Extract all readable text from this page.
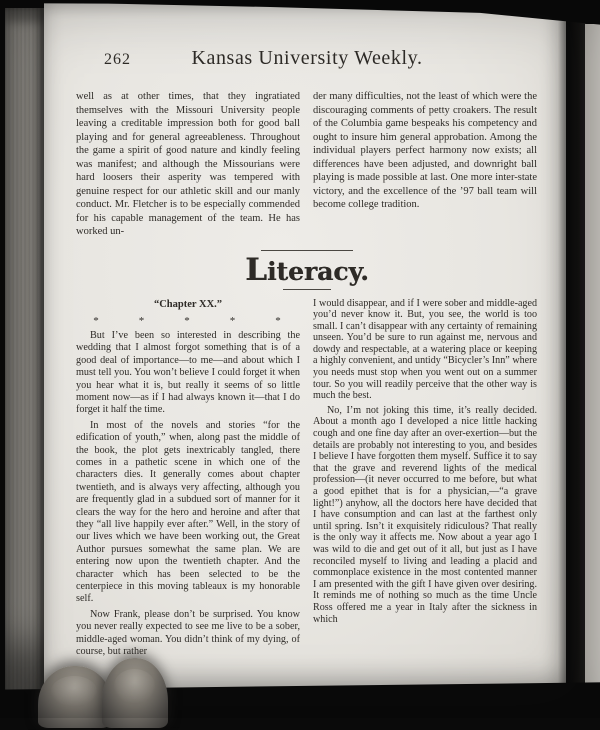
262	Kansas University Weekly.

well as at other times, that they ingratiated themselves with the Missouri University people leaving a creditable impression both for good ball playing and for general agreeableness. Throughout the game a spirit of good nature and kindly feeling was manifest; and although the Missourians were hard loosers their asperity was tempered with genuine respect for our athletic skill and our manly conduct. Mr. Fletcher is to be especially commended for his capable management of the team. He has worked un-

der many difficulties, not the least of which were the discouraging comments of petty croakers. The result of the Columbia game bespeaks his competency and ought to insure him general approbation. Among the individual players perfect harmony now exists; all differences have been adjusted, and downright ball playing is made possible at last. One more inter-state victory, and the excellence of the ’97 ball team will become college tradition.

Literacy.
“Chapter XX.”
*        *        *        *        *

But I’ve been so interested in describing the wedding that I almost forgot something that is of a good deal of importance—to me—and about which I must tell you. You won’t believe I could forget it when you hear what it is, but really it seems of so little moment now—as if I had always known it—that I do forget it half the time.

In most of the novels and stories “for the edification of youth,” when, along past the middle of the book, the plot gets inextricably tangled, there comes in a pathetic scene in which one of the characters dies. It generally comes about chapter twentieth, and is always very affecting, although you are frequently glad in a subdued sort of manner for it clears the way for the hero and heroine and after that they “all live happily ever after.” Well, in the story of our lives which we have been working out, the Great Author pursues somewhat the same plan. We are entering now upon the twentieth chapter. And the character which has been selected to be the centerpiece in this moving tableaux is my honorable self.

Now Frank, please don’t be surprised. You know you never really expected to see me live to be a sober, middle-aged woman. You didn’t think of my dying, of course, but rather

I would disappear, and if I were sober and middle-aged you’d never know it. But, you see, the world is too small. I can’t disappear with any certainty of remaining unseen. You’d be sure to run against me, nervous and dowdy and respectable, at a watering place or keeping a highly convenient, and untidy “Bicycler’s Inn” where you needs must stop when you went out on a summer tour. So you will readily perceive that the other way is much the best.

No, I’m not joking this time, it’s really decided. About a month ago I developed a nice little hacking cough and one fine day after an over-exertion—but the details are probably not interesting to you, and besides I believe I have forgotten them myself. Suffice it to say that the grave and reverend lights of the medical profession—(it never occurred to me before, but what a good epithet that is for a physician,—“a grave light!”) anyhow, all the doctors here have decided that I have consumption and can last at the farthest only until spring. Isn’t it exquisitely ridiculous? That really is the only way it affects me. Now about a year ago I was wild to die and get out of it all, but just as I have reconciled myself to living and leading a placid and commonplace existence in the most contented manner I am presented with the gift I have given over desiring. It reminds me of nothing so much as the time Uncle Ross offered me a year in Italy after the sickness in which
